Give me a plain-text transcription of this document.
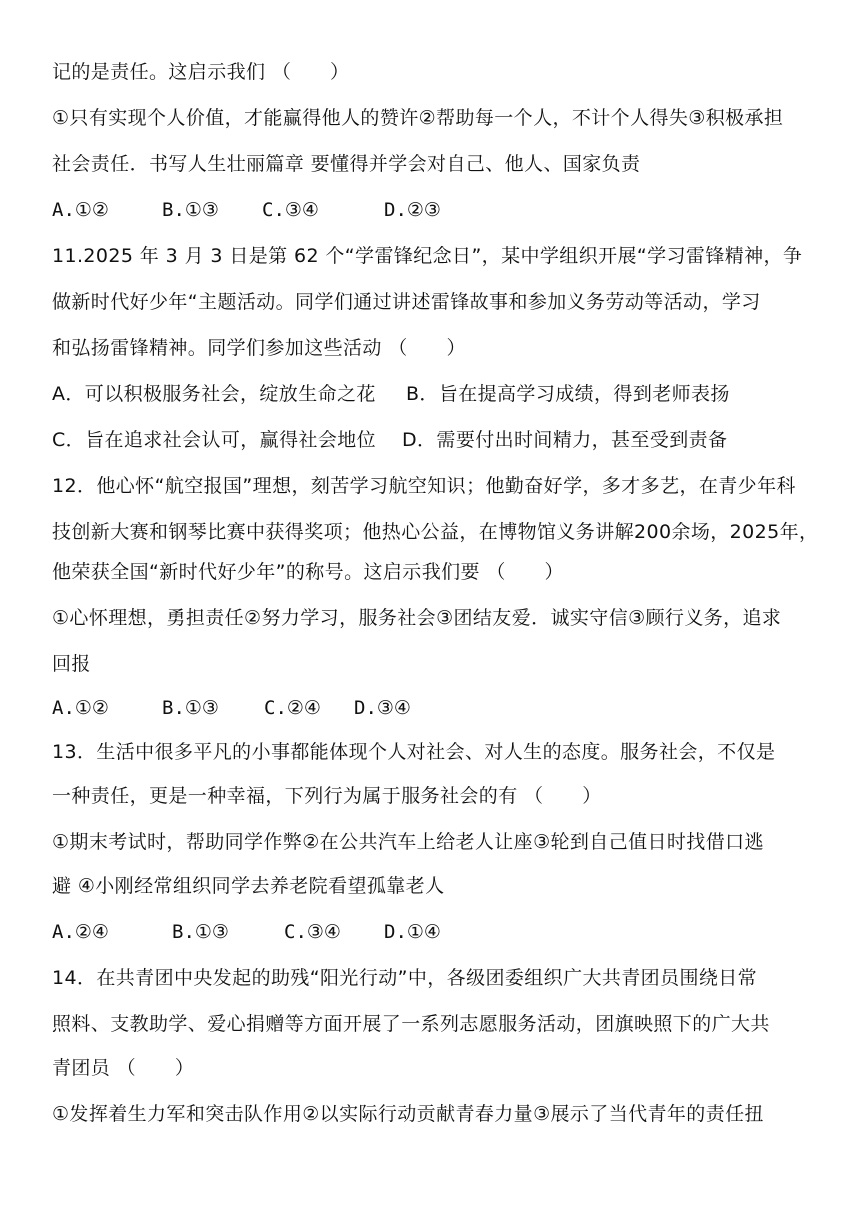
记的是责任。这启示我们 （　　）
①只有实现个人价值，才能赢得他人的赞许②帮助每一个人，不计个人得失③积极承担
社会责任．书写人生壮丽篇章 要懂得并学会对自己、他人、国家负责
A.①②	B.①③ C.③④	D.②③
11.2025 年 3 月 3 日是第 62 个“学雷锋纪念日”，某中学组织开展“学习雷锋精神，争
做新时代好少年“主题活动。同学们通过讲述雷锋故事和参加义务劳动等活动，学习
和弘扬雷锋精神。同学们参加这些活动 （　　）
A．可以积极服务社会，绽放生命之花 B．旨在提高学习成绩，得到老师表扬
C．旨在追求社会认可，赢得社会地位 D．需要付出时间精力，甚至受到责备
12．他心怀“航空报国”理想，刻苦学习航空知识；他勤奋好学，多才多艺，在青少年科
技创新大赛和钢琴比赛中获得奖项；他热心公益，在博物馆义务讲解200余场，2025年，
他荣获全国“新时代好少年”的称号。这启示我们要 （　　）
①心怀理想，勇担责任②努力学习，服务社会③团结友爱．诚实守信③顾行义务，追求
回报
A.①②	B.①③ C.②④ D.③④
13．生活中很多平凡的小事都能体现个人对社会、对人生的态度。服务社会，不仅是
一种责任，更是一种幸福，下列行为属于服务社会的有 （　　）
①期末考试时，帮助同学作弊②在公共汽车上给老人让座③轮到自己值日时找借口逃
避 ④小刚经常组织同学去养老院看望孤靠老人
A.②④	B.①③	C.③④ D.①④
14．在共青团中央发起的助残“阳光行动”中，各级团委组织广大共青团员围绕日常
照料、支教助学、爱心捐赠等方面开展了一系列志愿服务活动，团旗映照下的广大共
青团员 （　　）
①发挥着生力军和突击队作用②以实际行动贡献青春力量③展示了当代青年的责任扭
